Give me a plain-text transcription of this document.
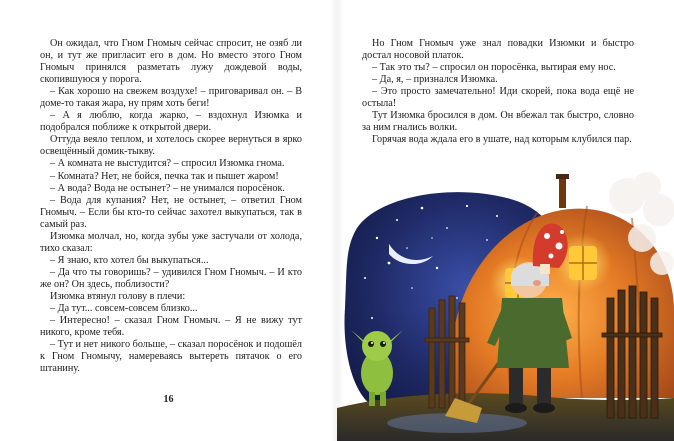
Он ожидал, что Гном Гномыч сейчас спросит, не озяб ли он, и тут же пригласит его в дом. Но вместо этого Гном Гномыч принялся разметать лужу дождевой воды, скопившуюся у порога.

– Как хорошо на свежем воздухе! – приговаривал он. – В доме-то такая жара, ну прям хоть беги!

– А я люблю, когда жарко, – вздохнул Изюмка и подобрался поближе к открытой двери.

Оттуда веяло теплом, и хотелось скорее вернуться в ярко освещённый домик-тыкву.

– А комната не выстудится? – спросил Изюмка гнома.

– Комната? Нет, не бойся, печка так и пышет жаром!

– А вода? Вода не остынет? – не унимался поросёнок.

– Вода для купания? Нет, не остынет, – ответил Гном Гномыч. – Если бы кто-то сейчас захотел выкупаться, так в самый раз.

Изюмка молчал, но, когда зубы уже застучали от холода, тихо сказал:

– Я знаю, кто хотел бы выкупаться...

– Да что ты говоришь? – удивился Гном Гномыч. – И кто же он? Он здесь, поблизости?

Изюмка втянул голову в плечи:

– Да тут... совсем-совсем близко...

– Интересно! – сказал Гном Гномыч. – Я не вижу тут никого, кроме тебя.

– Тут и нет никого больше, – сказал поросёнок и подошёл к Гном Гномычу, намереваясь вытереть пятачок о его штанину.

16

Но Гном Гномыч уже знал повадки Изюмки и быстро достал носовой платок.

– Так это ты? – спросил он поросёнка, вытирая ему нос.

– Да, я, – признался Изюмка.

– Это просто замечательно! Иди скорей, пока вода ещё не остыла!

Тут Изюмка бросился в дом. Он вбежал так быстро, словно за ним гнались волки.

Горячая вода ждала его в ушате, над которым клубился пар.
